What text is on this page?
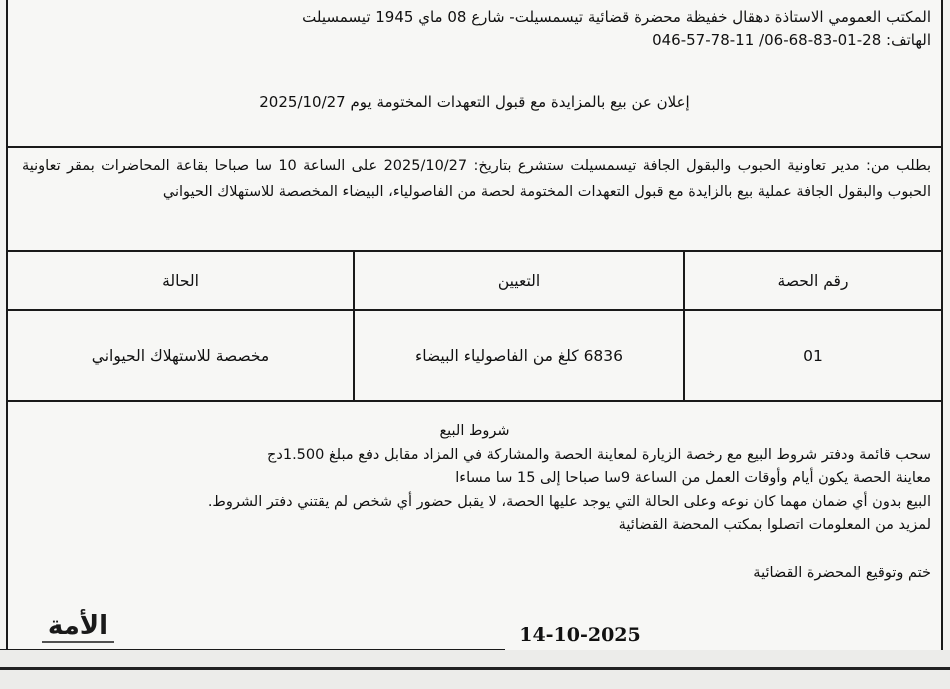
المكتب العمومي الاستاذة دهقال خفيظة محضرة قضائية تيسمسيلت- شارع 08 ماي 1945 تيسمسيلت
الهاتف: 28-01-83-68-06/ 11-78-57-046
إعلان عن بيع بالمزايدة مع قبول التعهدات المختومة يوم 2025/10/27
بطلب من: مدير تعاونية الحبوب والبقول الجافة تيسمسيلت ستشرع بتاريخ: 2025/10/27 على الساعة 10 سا صباحا بقاعة المحاضرات بمقر تعاونية الحبوب والبقول الجافة عملية بيع بالزايدة مع قبول التعهدات المختومة لحصة من الفاصولياء، البيضاء المخصصة للاستهلاك الحيواني
رقم الحصة	التعيين	الحالة
01	6836 كلغ من الفاصولياء البيضاء	مخصصة للاستهلاك الحيواني
شروط البيع
سحب قائمة ودفتر شروط البيع مع رخصة الزيارة لمعاينة الحصة والمشاركة في المزاد مقابل دفع مبلغ 1.500دج
معاينة الحصة يكون أيام وأوقات العمل من الساعة 9سا صباحا إلى 15 سا مساءا
البيع بدون أي ضمان مهما كان نوعه وعلى الحالة التي يوجد عليها الحصة، لا يقبل حضور أي شخص لم يقتني دفتر الشروط.
لمزيد من المعلومات اتصلوا بمكتب المحضة القضائية
ختم وتوقيع المحضرة القضائية
الأمة	14-10-2025
